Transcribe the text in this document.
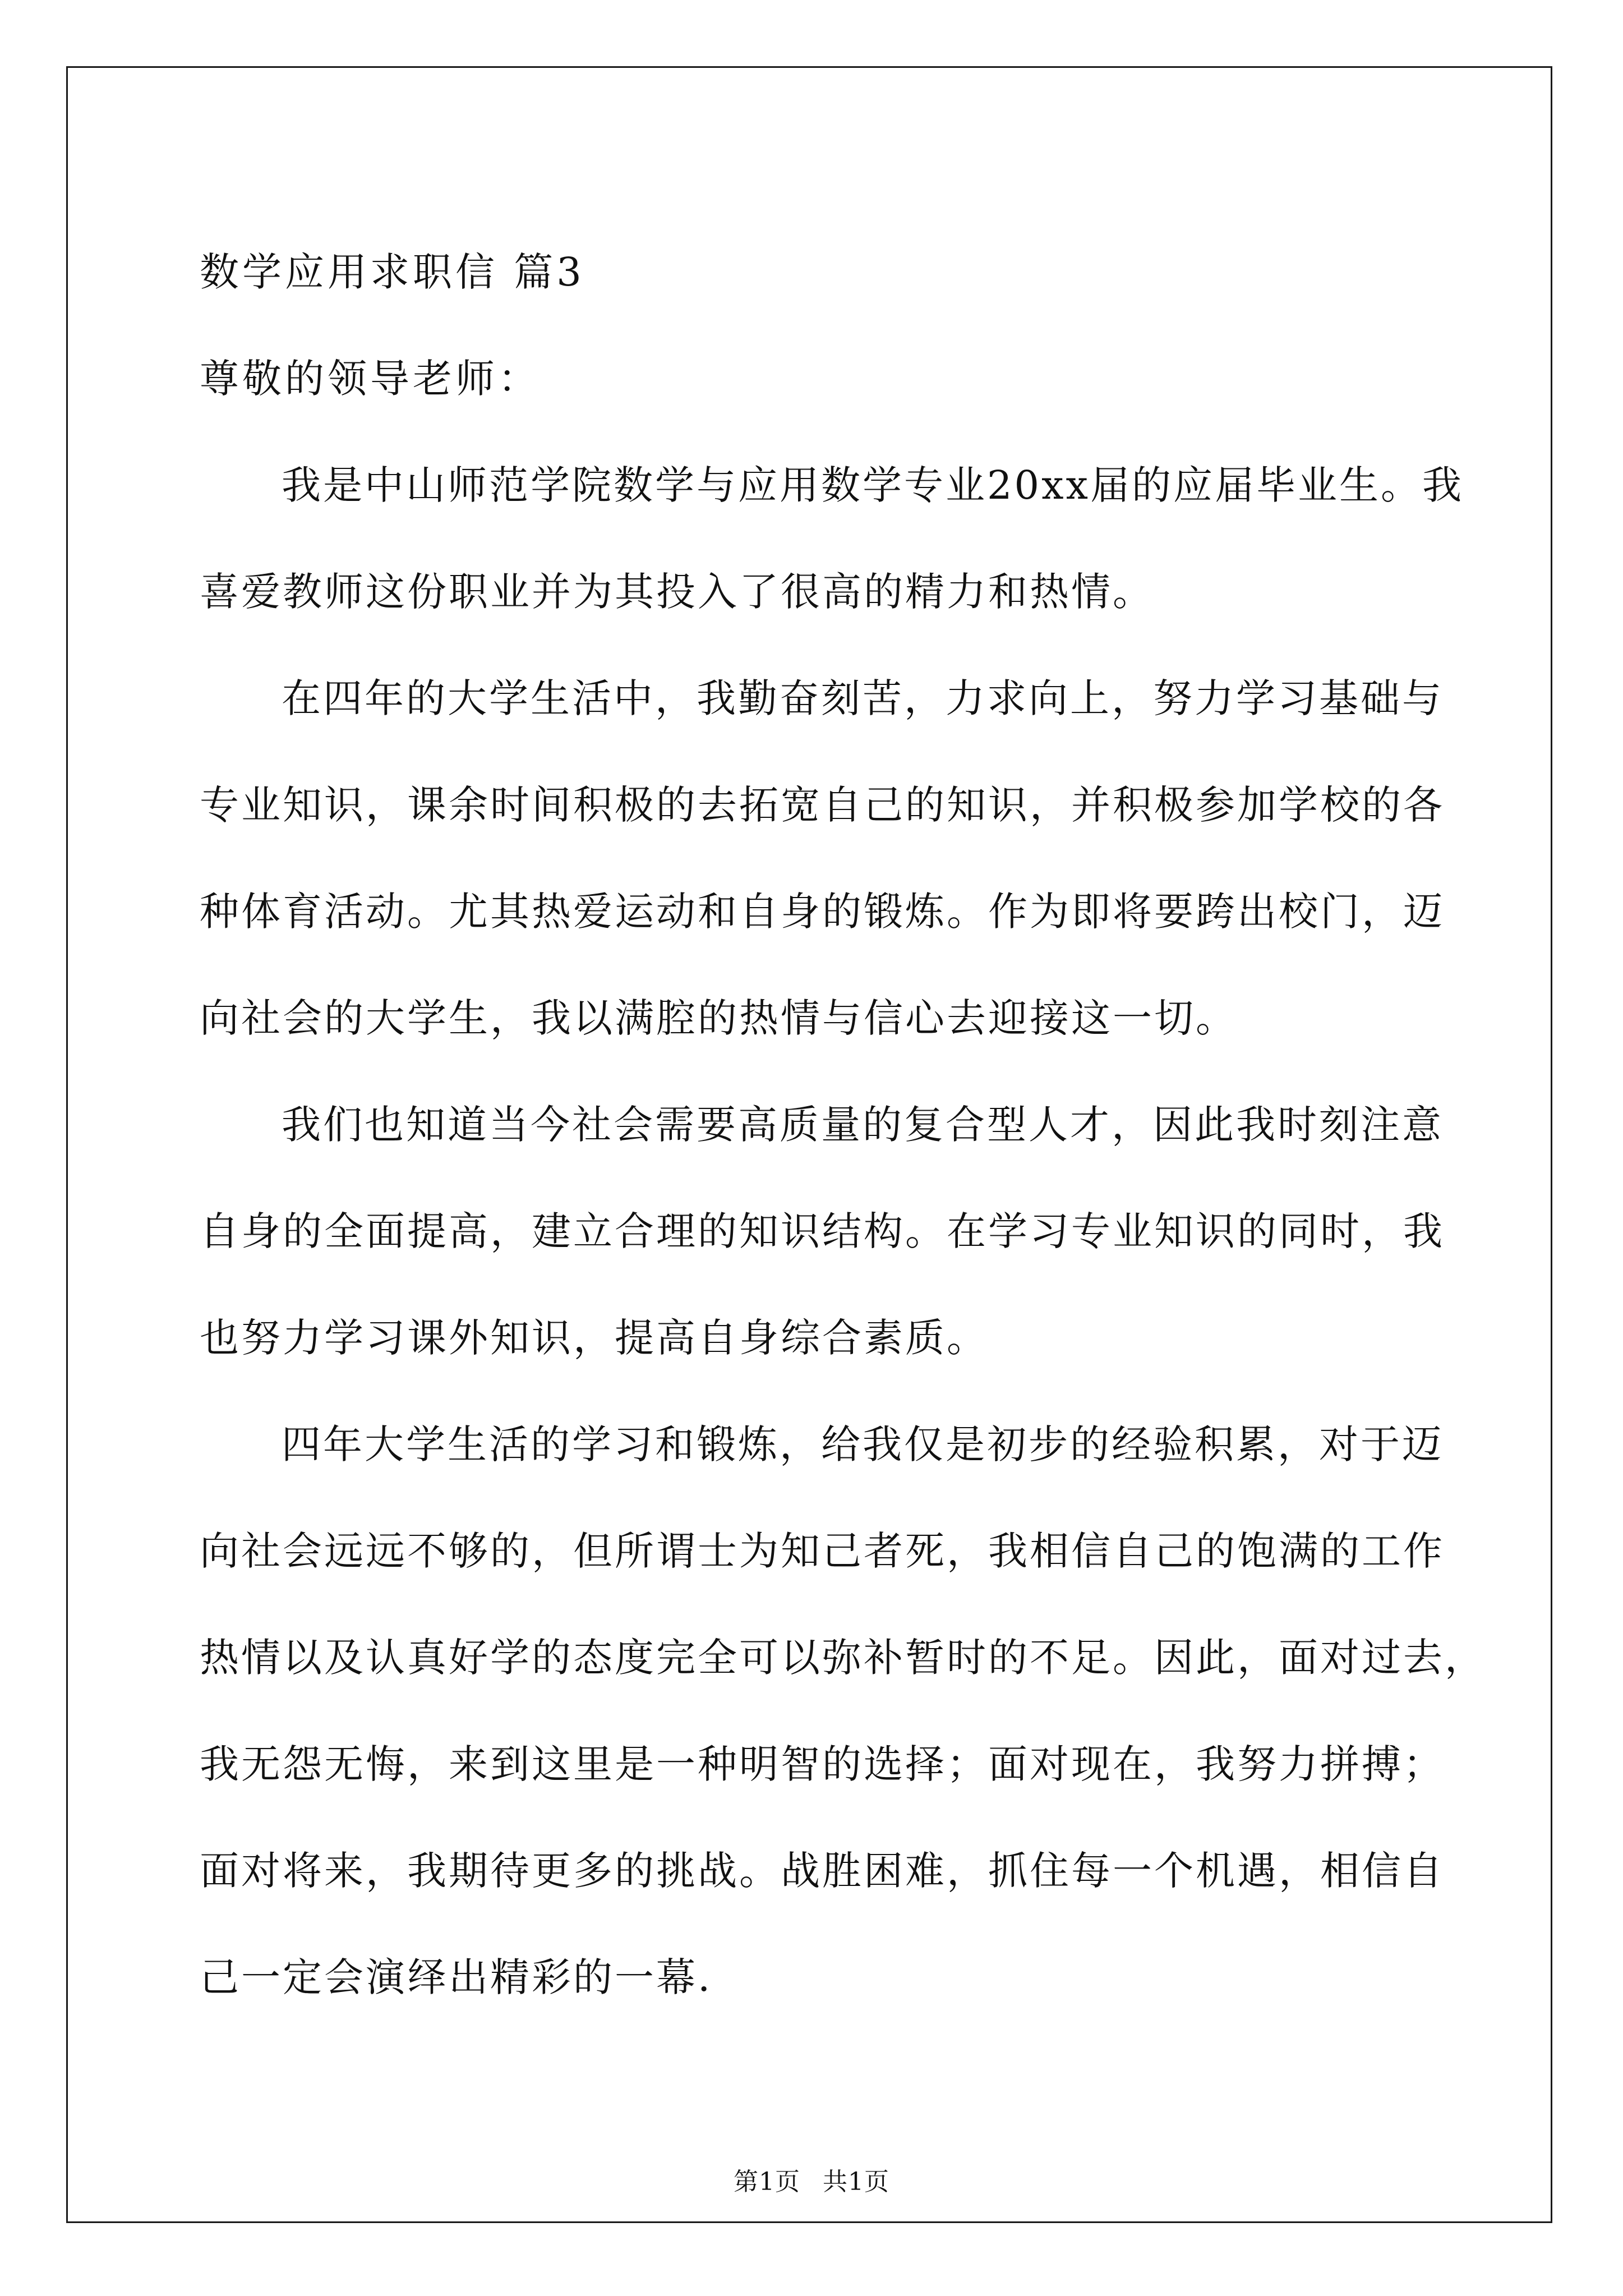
数学应用求职信 篇3
尊敬的领导老师：
我是中山师范学院数学与应用数学专业20xx届的应届毕业生。我
喜爱教师这份职业并为其投入了很高的精力和热情。
在四年的大学生活中，我勤奋刻苦，力求向上，努力学习基础与
专业知识，课余时间积极的去拓宽自己的知识，并积极参加学校的各
种体育活动。尤其热爱运动和自身的锻炼。作为即将要跨出校门，迈
向社会的大学生，我以满腔的热情与信心去迎接这一切。
我们也知道当今社会需要高质量的复合型人才，因此我时刻注意
自身的全面提高，建立合理的知识结构。在学习专业知识的同时，我
也努力学习课外知识，提高自身综合素质。
四年大学生活的学习和锻炼，给我仅是初步的经验积累，对于迈
向社会远远不够的，但所谓士为知己者死，我相信自己的饱满的工作
热情以及认真好学的态度完全可以弥补暂时的不足。因此，面对过去，
我无怨无悔，来到这里是一种明智的选择；面对现在，我努力拼搏；
面对将来，我期待更多的挑战。战胜困难，抓住每一个机遇，相信自
己一定会演绎出精彩的一幕.
第1页 共1页
